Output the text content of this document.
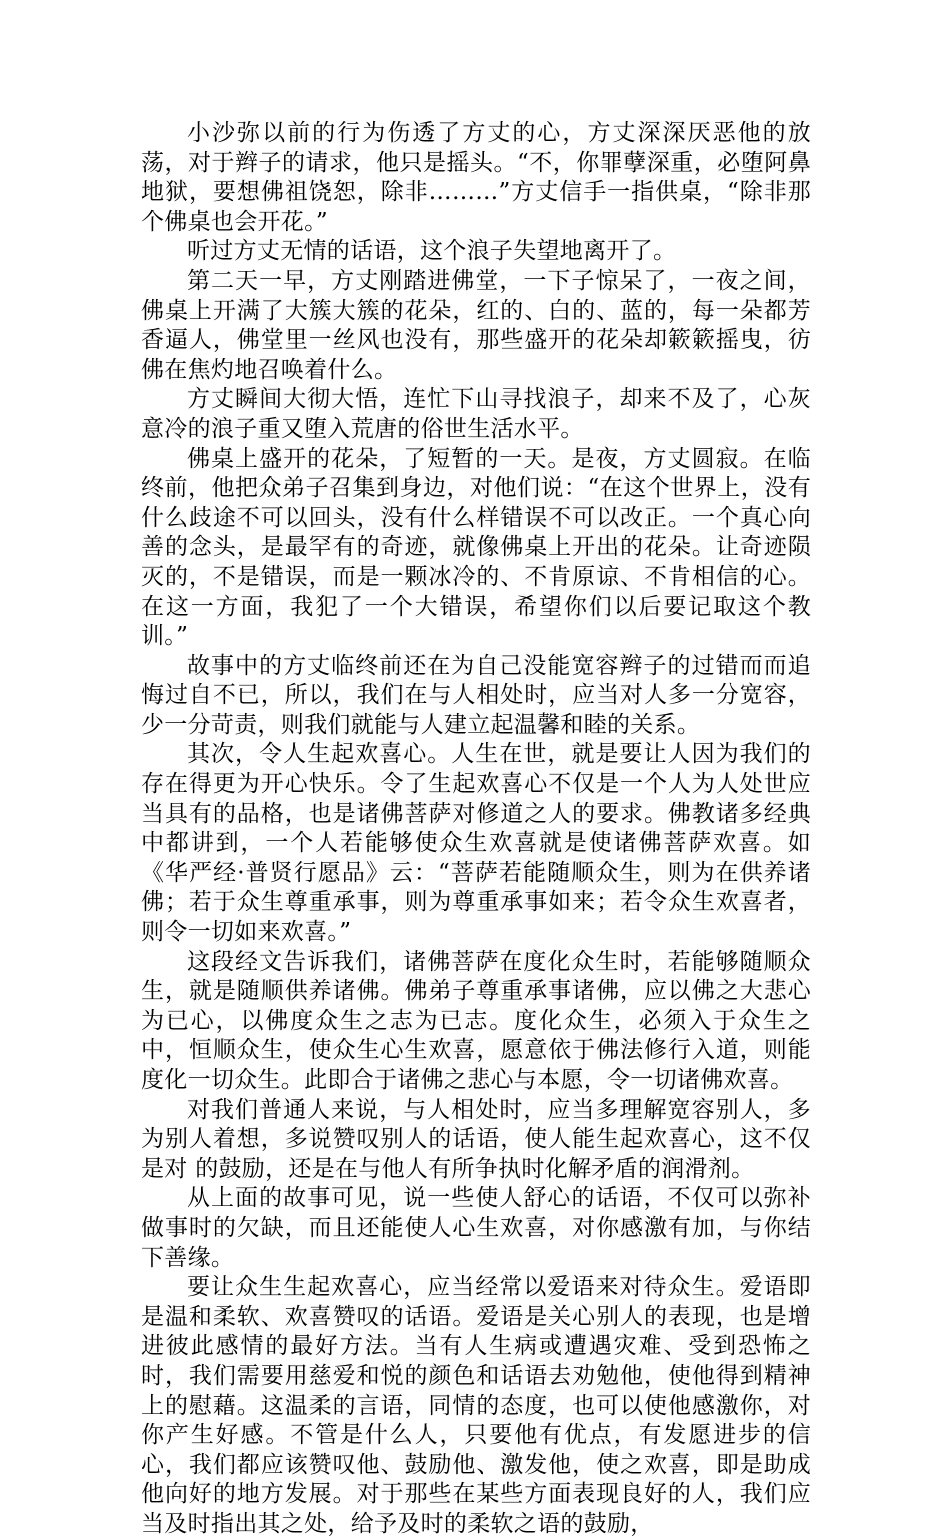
小沙弥以前的行为伤透了方丈的心，方丈深深厌恶他的放荡，对于辫子的请求，他只是摇头。“不，你罪孽深重，必堕阿鼻地狱，要想佛祖饶恕，除非………”方丈信手一指供桌，“除非那个佛桌也会开花。”

听过方丈无情的话语，这个浪子失望地离开了。

第二天一早，方丈刚踏进佛堂，一下子惊呆了，一夜之间，佛桌上开满了大簇大簇的花朵，红的、白的、蓝的，每一朵都芳香逼人，佛堂里一丝风也没有，那些盛开的花朵却簌簌摇曳，彷佛在焦灼地召唤着什么。

方丈瞬间大彻大悟，连忙下山寻找浪子，却来不及了，心灰意冷的浪子重又堕入荒唐的俗世生活水平。

佛桌上盛开的花朵，了短暂的一天。是夜，方丈圆寂。在临终前，他把众弟子召集到身边，对他们说：“在这个世界上，没有什么歧途不可以回头，没有什么样错误不可以改正。一个真心向善的念头，是最罕有的奇迹，就像佛桌上开出的花朵。让奇迹陨灭的，不是错误，而是一颗冰冷的、不肯原谅、不肯相信的心。在这一方面，我犯了一个大错误，希望你们以后要记取这个教训。”

故事中的方丈临终前还在为自己没能宽容辫子的过错而而追悔过自不已，所以，我们在与人相处时，应当对人多一分宽容，少一分苛责，则我们就能与人建立起温馨和睦的关系。

其次，令人生起欢喜心。人生在世，就是要让人因为我们的存在得更为开心快乐。令了生起欢喜心不仅是一个人为人处世应当具有的品格，也是诸佛菩萨对修道之人的要求。佛教诸多经典中都讲到，一个人若能够使众生欢喜就是使诸佛菩萨欢喜。如《华严经·普贤行愿品》云：“菩萨若能随顺众生，则为在供养诸佛；若于众生尊重承事，则为尊重承事如来；若令众生欢喜者，则令一切如来欢喜。”

这段经文告诉我们，诸佛菩萨在度化众生时，若能够随顺众生，就是随顺供养诸佛。佛弟子尊重承事诸佛，应以佛之大悲心为已心，以佛度众生之志为已志。度化众生，必须入于众生之中，恒顺众生，使众生心生欢喜，愿意依于佛法修行入道，则能度化一切众生。此即合于诸佛之悲心与本愿，令一切诸佛欢喜。

对我们普通人来说，与人相处时，应当多理解宽容别人，多为别人着想，多说赞叹别人的话语，使人能生起欢喜心，这不仅是对 的鼓励，还是在与他人有所争执时化解矛盾的润滑剂。

从上面的故事可见，说一些使人舒心的话语，不仅可以弥补做事时的欠缺，而且还能使人心生欢喜，对你感激有加，与你结下善缘。

要让众生生起欢喜心，应当经常以爱语来对待众生。爱语即是温和柔软、欢喜赞叹的话语。爱语是关心别人的表现，也是增进彼此感情的最好方法。当有人生病或遭遇灾难、受到恐怖之时，我们需要用慈爱和悦的颜色和话语去劝勉他，使他得到精神上的慰藉。这温柔的言语，同情的态度，也可以使他感激你，对你产生好感。不管是什么人，只要他有优点，有发愿进步的信心，我们都应该赞叹他、鼓励他、激发他，使之欢喜，即是助成他向好的地方发展。对于那些在某些方面表现良好的人，我们应当及时指出其之处，给予及时的柔软之语的鼓励，
